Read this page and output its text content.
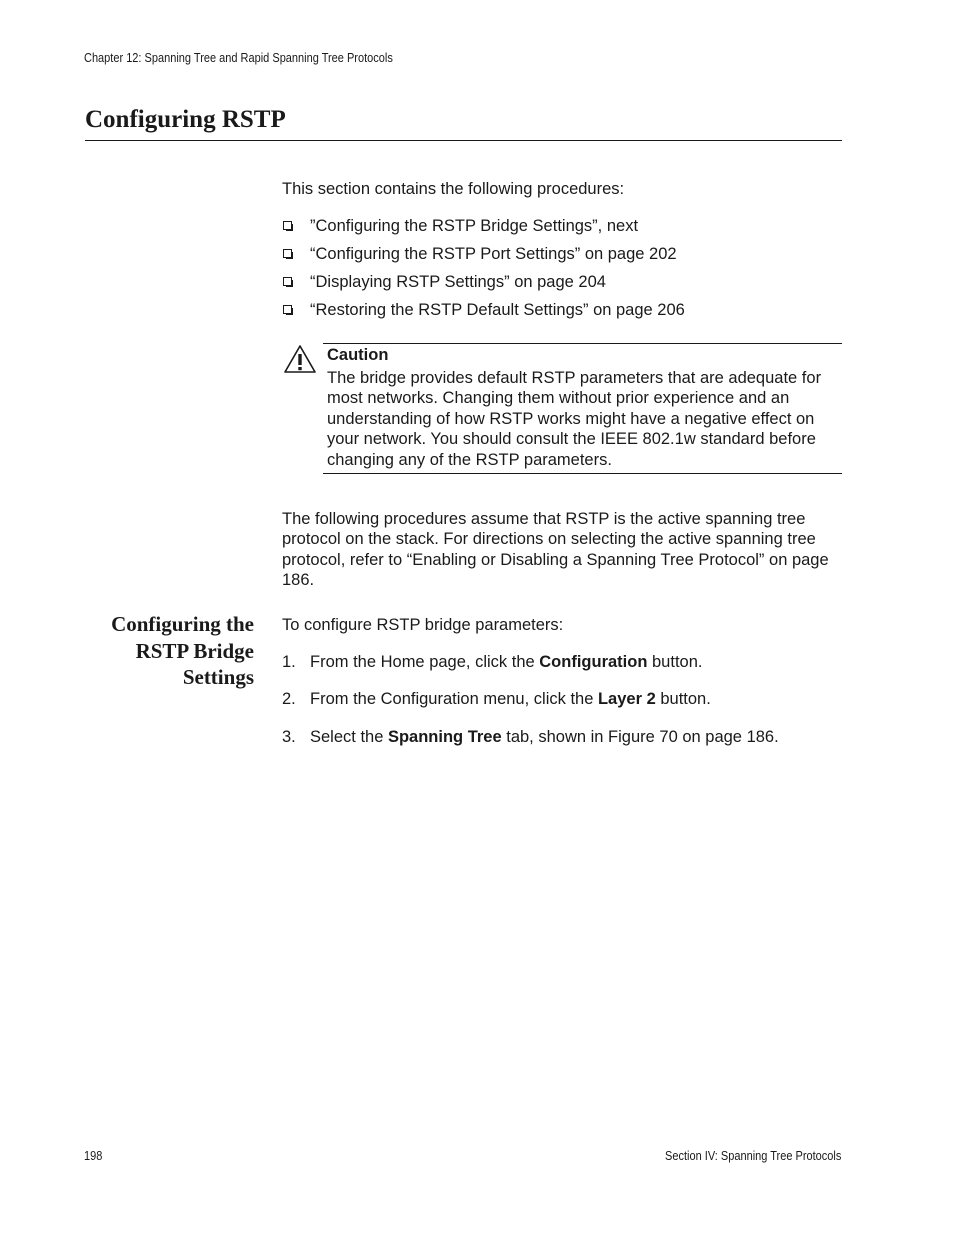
Chapter 12: Spanning Tree and Rapid Spanning Tree Protocols
Configuring RSTP
This section contains the following procedures:
”Configuring the RSTP Bridge Settings”, next
“Configuring the RSTP Port Settings” on page 202
“Displaying RSTP Settings” on page 204
“Restoring the RSTP Default Settings” on page 206
Caution
The bridge provides default RSTP parameters that are adequate for most networks. Changing them without prior experience and an understanding of how RSTP works might have a negative effect on your network. You should consult the IEEE 802.1w standard before changing any of the RSTP parameters.
The following procedures assume that RSTP is the active spanning tree protocol on the stack. For directions on selecting the active spanning tree protocol, refer to “Enabling or Disabling a Spanning Tree Protocol” on page 186.
Configuring the
RSTP Bridge
Settings
To configure RSTP bridge parameters:
1. From the Home page, click the Configuration button.
2. From the Configuration menu, click the Layer 2 button.
3. Select the Spanning Tree tab, shown in Figure 70 on page 186.
198	Section IV: Spanning Tree Protocols
